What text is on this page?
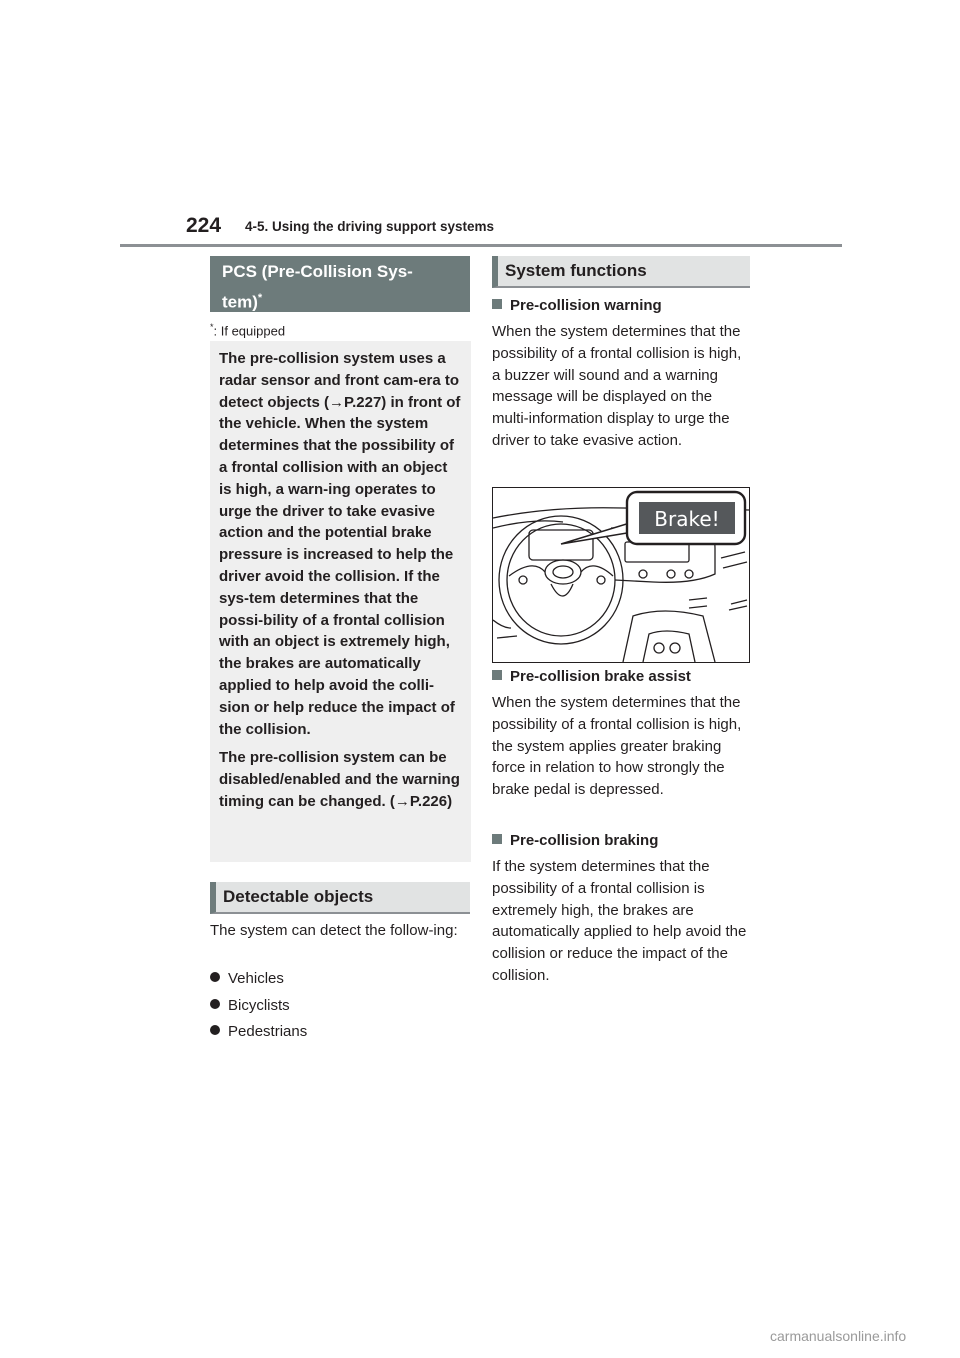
224 4-5. Using the driving support systems
PCS (Pre-Collision Sys-
tem)*
*: If equipped

The pre-collision system uses a radar sensor and front cam-era to detect objects (→P.227) in front of the vehicle. When the system determines that the possibility of a frontal collision with an object is high, a warn-ing operates to urge the driver to take evasive action and the potential brake pressure is increased to help the driver avoid the collision. If the sys-tem determines that the possi-bility of a frontal collision with an object is extremely high, the brakes are automatically applied to help avoid the colli-sion or help reduce the impact of the collision.

The pre-collision system can be disabled/enabled and the warning timing can be changed. (→P.226)

Detectable objects

The system can detect the follow-ing:

Vehicles
Bicyclists
Pedestrians
System functions
Pre-collision warning

When the system determines that the possibility of a frontal collision is high, a buzzer will sound and a warning message will be displayed on the multi-information display to urge the driver to take evasive action.

Brake!
Pre-collision brake assist

When the system determines that the possibility of a frontal collision is high, the system applies greater braking force in relation to how strongly the brake pedal is depressed.

Pre-collision braking

If the system determines that the possibility of a frontal collision is extremely high, the brakes are automatically applied to help avoid the collision or reduce the impact of the collision.

carmanualsonline.info
